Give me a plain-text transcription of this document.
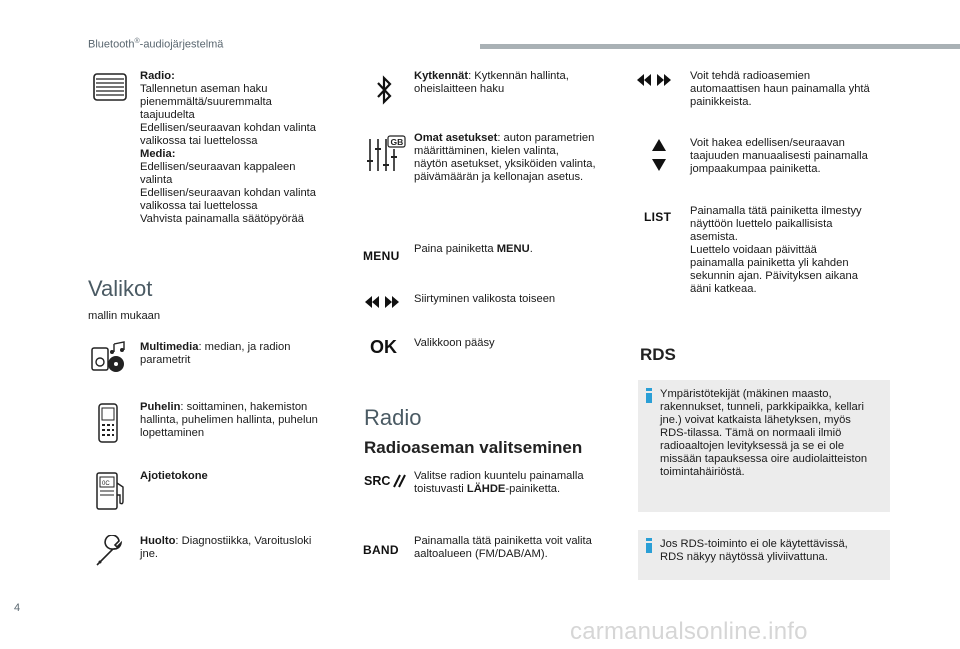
Bluetooth®-audiojärjestelmä
Radio:
Tallennetun aseman haku
pienemmältä/suuremmalta
taajuudelta
Edellisen/seuraavan kohdan valinta
valikossa tai luettelossa
Media:
Edellisen/seuraavan kappaleen
valinta
Edellisen/seuraavan kohdan valinta
valikossa tai luettelossa
Vahvista painamalla säätöpyörää
Valikot
mallin mukaan
Multimedia: median, ja radion
parametrit
Puhelin: soittaminen, hakemiston
hallinta, puhelimen hallinta, puhelun
lopettaminen
0C
Ajotietokone
Huolto: Diagnostiikka, Varoitusloki
jne.
Kytkennät: Kytkennän hallinta,
oheislaitteen haku
GB Omat asetukset: auton parametrien
määrittäminen, kielen valinta,
näytön asetukset, yksiköiden valinta,
päivämäärän ja kellonajan asetus.
MENU Paina painiketta MENU.
Siirtyminen valikosta toiseen
OK Valikkoon pääsy
Radio
Radioaseman valitseminen
SRC Valitse radion kuuntelu painamalla
toistuvasti LÄHDE-painiketta.
BAND
Painamalla tätä painiketta voit valita
aaltoalueen (FM/DAB/AM).
Voit tehdä radioasemien
automaattisen haun painamalla yhtä
painikkeista.
Voit hakea edellisen/seuraavan
taajuuden manuaalisesti painamalla
jompaakumpaa painiketta.
LIST Painamalla tätä painiketta ilmestyy
näyttöön luettelo paikallisista
asemista.
Luettelo voidaan päivittää
painamalla painiketta yli kahden
sekunnin ajan. Päivityksen aikana
ääni katkeaa.
RDS
Ympäristötekijät (mäkinen maasto,
rakennukset, tunneli, parkkipaikka, kellari
jne.) voivat katkaista lähetyksen, myös
RDS-tilassa. Tämä on normaali ilmiö
radioaaltojen levityksessä ja se ei ole
missään tapauksessa oire audiolaitteiston
toimintahäiriöstä.
Jos RDS-toiminto ei ole käytettävissä,
RDS näkyy näytössä yliviivattuna.
4
carmanualsonline.info
